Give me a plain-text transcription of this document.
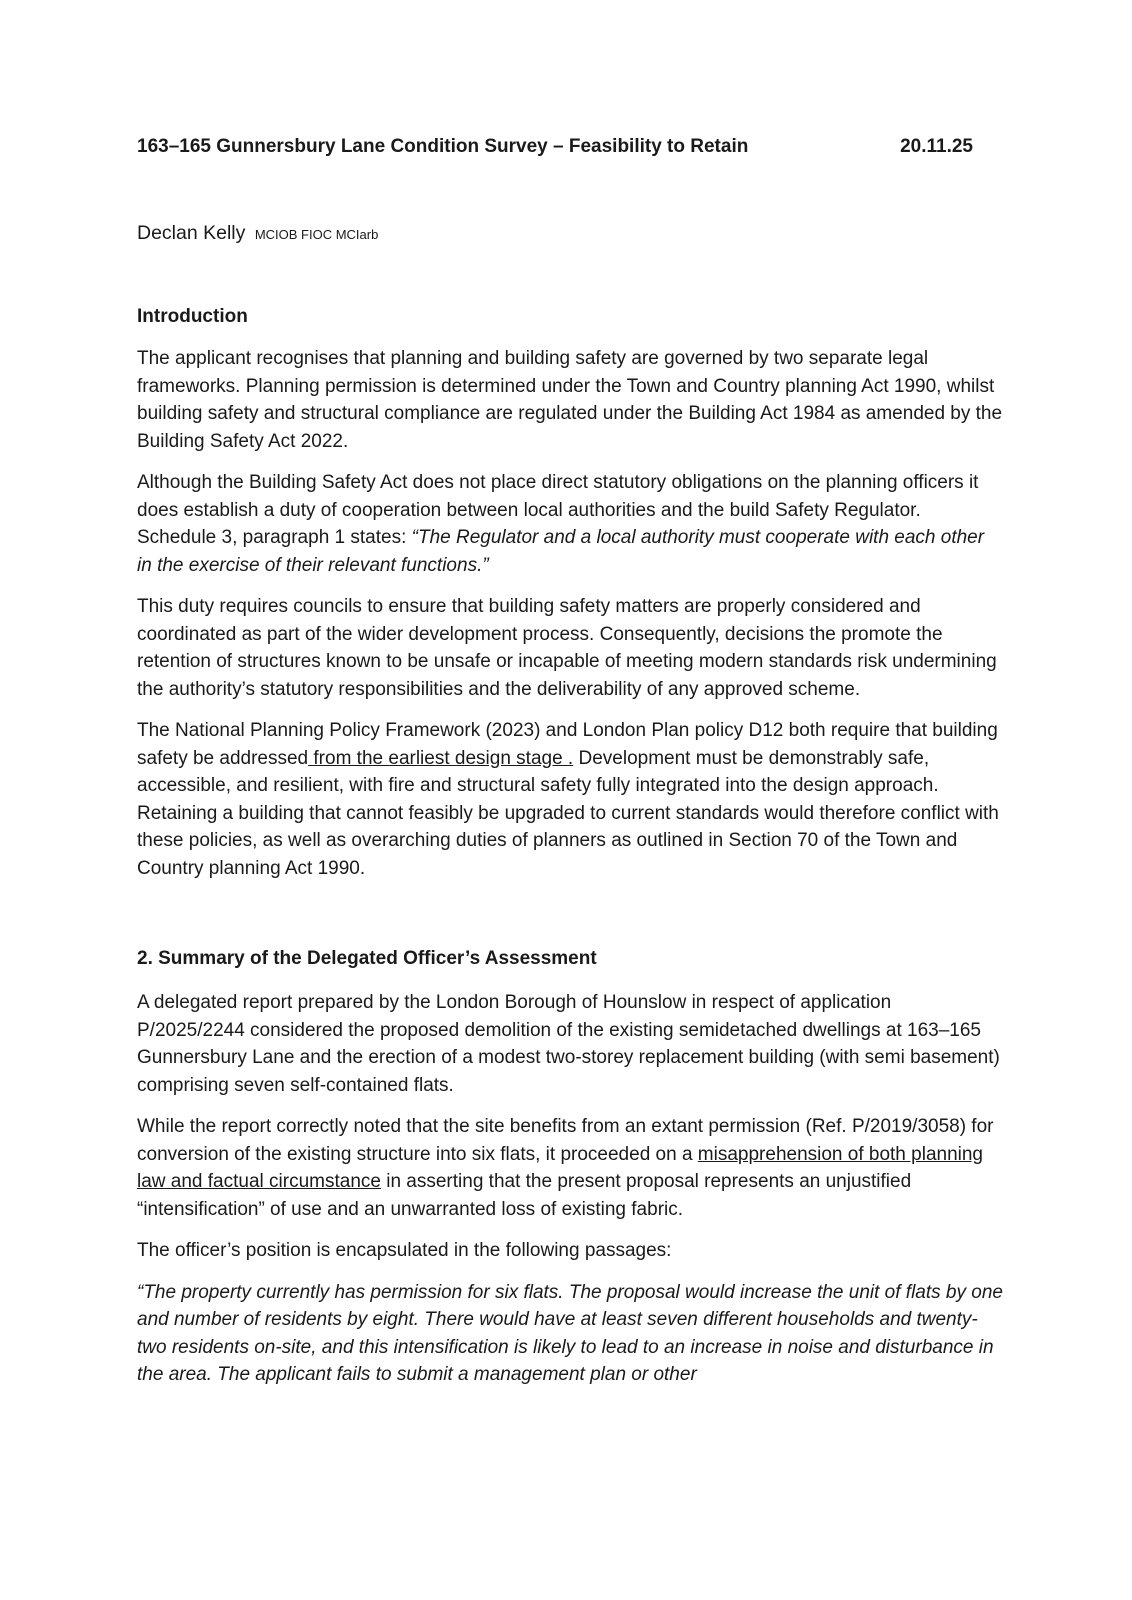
163–165 Gunnersbury Lane Condition Survey – Feasibility to Retain	20.11.25
Declan Kelly MCIOB FIOC MCIarb
Introduction

The applicant recognises that planning and building safety are governed by two separate legal frameworks. Planning permission is determined under the Town and Country planning Act 1990, whilst building safety and structural compliance are regulated under the Building Act 1984 as amended by the Building Safety Act 2022.

Although the Building Safety Act does not place direct statutory obligations on the planning officers it does establish a duty of cooperation between local authorities and the build Safety Regulator. Schedule 3, paragraph 1 states: “The Regulator and a local authority must cooperate with each other in the exercise of their relevant functions.”

This duty requires councils to ensure that building safety matters are properly considered and coordinated as part of the wider development process. Consequently, decisions the promote the retention of structures known to be unsafe or incapable of meeting modern standards risk undermining the authority’s statutory responsibilities and the deliverability of any approved scheme.

The National Planning Policy Framework (2023) and London Plan policy D12 both require that building safety be addressed from the earliest design stage . Development must be demonstrably safe, accessible, and resilient, with fire and structural safety fully integrated into the design approach. Retaining a building that cannot feasibly be upgraded to current standards would therefore conflict with these policies, as well as overarching duties of planners as outlined in Section 70 of the Town and Country planning Act 1990.

2. Summary of the Delegated Officer’s Assessment

A delegated report prepared by the London Borough of Hounslow in respect of application P/2025/2244 considered the proposed demolition of the existing semidetached dwellings at 163–165 Gunnersbury Lane and the erection of a modest two-storey replacement building (with semi basement) comprising seven self-contained flats.

While the report correctly noted that the site benefits from an extant permission (Ref. P/2019/3058) for conversion of the existing structure into six flats, it proceeded on a misapprehension of both planning law and factual circumstance in asserting that the present proposal represents an unjustified “intensification” of use and an unwarranted loss of existing fabric.

The officer’s position is encapsulated in the following passages:

“The property currently has permission for six flats. The proposal would increase the unit of flats by one and number of residents by eight. There would have at least seven different households and twenty-two residents on-site, and this intensification is likely to lead to an increase in noise and disturbance in the area. The applicant fails to submit a management plan or other
